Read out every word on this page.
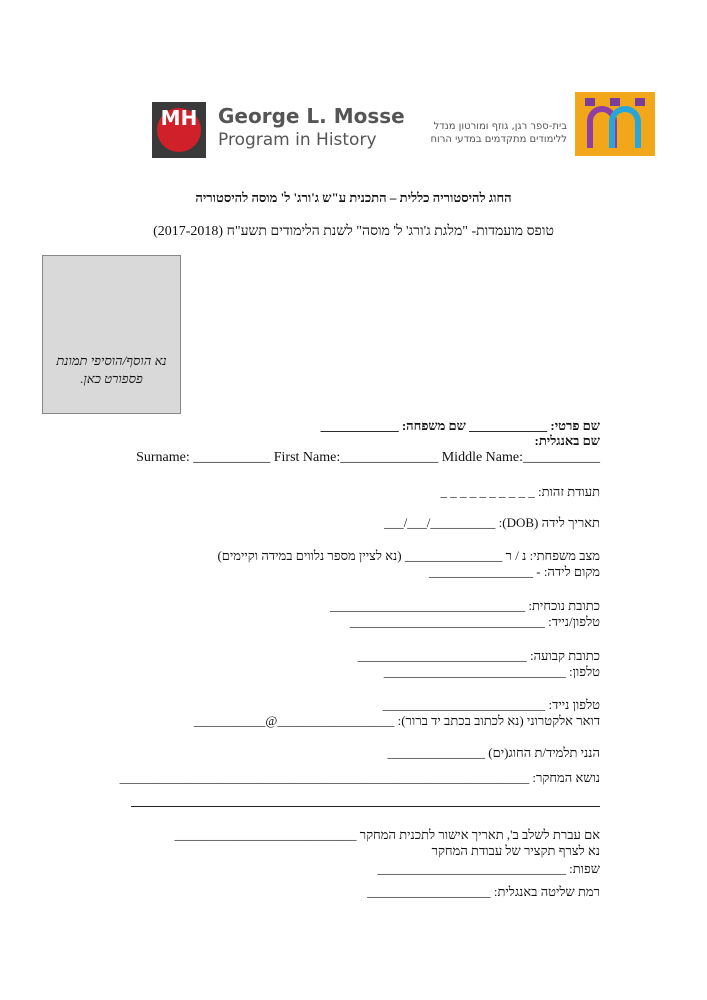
MH	George L. Mosse
Program in History
בית-ספר רגן, גוזף ומורטון מנדל
ללימודים מתקדמים במדעי הרוח
החוג להיסטוריה כללית – התכנית ע"ש ג'ורג' ל' מוסה להיסטוריה
טופס מועמדות- "מלגת ג'ורג' ל' מוסה" לשנת הלימודים תשע"ח (2017-2018)
נא הוסף/הוסיפי תמונת פספורט כאן.
שם פרטי: ____________ שם משפחה: ____________
שם באנגלית:
Surname: ___________ First Name:______________ Middle Name:___________
תעודת זהות: _ _ _ _ _ _ _ _ _ _
תאריך לידה (DOB): __________/___/___
מצב משפחתי: נ / ר _______________ (נא לציין מספר נלווים במידה וקיימים)
מקום לידה: - ________________
כתובת נוכחית: ______________________________
טלפון/נייד: ______________________________
כתובת קבועה: __________________________
טלפון: ____________________________
טלפון נייד: _________________________
דואר אלקטרוני (נא לכתוב בכתב יד ברור): __________________@___________
הנני תלמיד/ת החוג(ים) _______________
נושא המחקר: _______________________________________________________________
אם עברת לשלב ב', תאריך אישור לתכנית המחקר ____________________________
נא לצרף תקציר של עבודת המחקר
שפות: _____________________________
רמת שליטה באנגלית: ___________________
